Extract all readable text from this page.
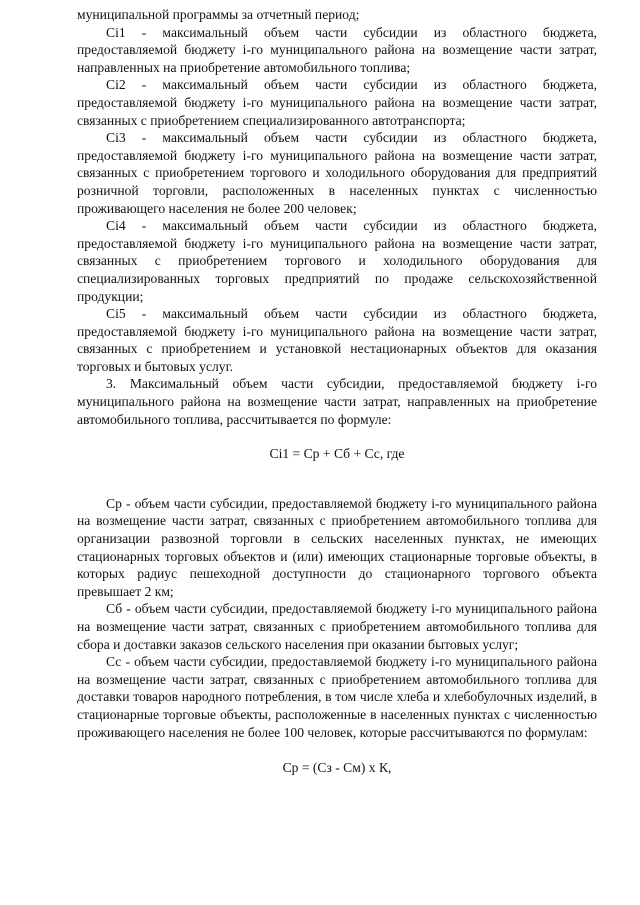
муниципальной программы за отчетный период;

Ci1 - максимальный объем части субсидии из областного бюджета, предоставляемой бюджету i-го муниципального района на возмещение части затрат, направленных на приобретение автомобильного топлива;

Ci2 - максимальный объем части субсидии из областного бюджета, предоставляемой бюджету i-го муниципального района на возмещение части затрат, связанных с приобретением специализированного автотранспорта;

Ci3 - максимальный объем части субсидии из областного бюджета, предоставляемой бюджету i-го муниципального района на возмещение части затрат, связанных с приобретением торгового и холодильного оборудования для предприятий розничной торговли, расположенных в населенных пунктах с численностью проживающего населения не более 200 человек;

Ci4 - максимальный объем части субсидии из областного бюджета, предоставляемой бюджету i-го муниципального района на возмещение части затрат, связанных с приобретением торгового и холодильного оборудования для специализированных торговых предприятий по продаже сельскохозяйственной продукции;

Ci5 - максимальный объем части субсидии из областного бюджета, предоставляемой бюджету i-го муниципального района на возмещение части затрат, связанных с приобретением и установкой нестационарных объектов для оказания торговых и бытовых услуг.

3. Максимальный объем части субсидии, предоставляемой бюджету i-го муниципального района на возмещение части затрат, направленных на приобретение автомобильного топлива, рассчитывается по формуле:

Ci1 = Ср + Сб + Сс, где

Ср - объем части субсидии, предоставляемой бюджету i-го муниципального района на возмещение части затрат, связанных с приобретением автомобильного топлива для организации развозной торговли в сельских населенных пунктах, не имеющих стационарных торговых объектов и (или) имеющих стационарные торговые объекты, в которых радиус пешеходной доступности до стационарного торгового объекта превышает 2 км;

Сб - объем части субсидии, предоставляемой бюджету i-го муниципального района на возмещение части затрат, связанных с приобретением автомобильного топлива для сбора и доставки заказов сельского населения при оказании бытовых услуг;

Сс - объем части субсидии, предоставляемой бюджету i-го муниципального района на возмещение части затрат, связанных с приобретением автомобильного топлива для доставки товаров народного потребления, в том числе хлеба и хлебобулочных изделий, в стационарные торговые объекты, расположенные в населенных пунктах с численностью проживающего населения не более 100 человек, которые рассчитываются по формулам:

Ср = (Сз - См) x К,
